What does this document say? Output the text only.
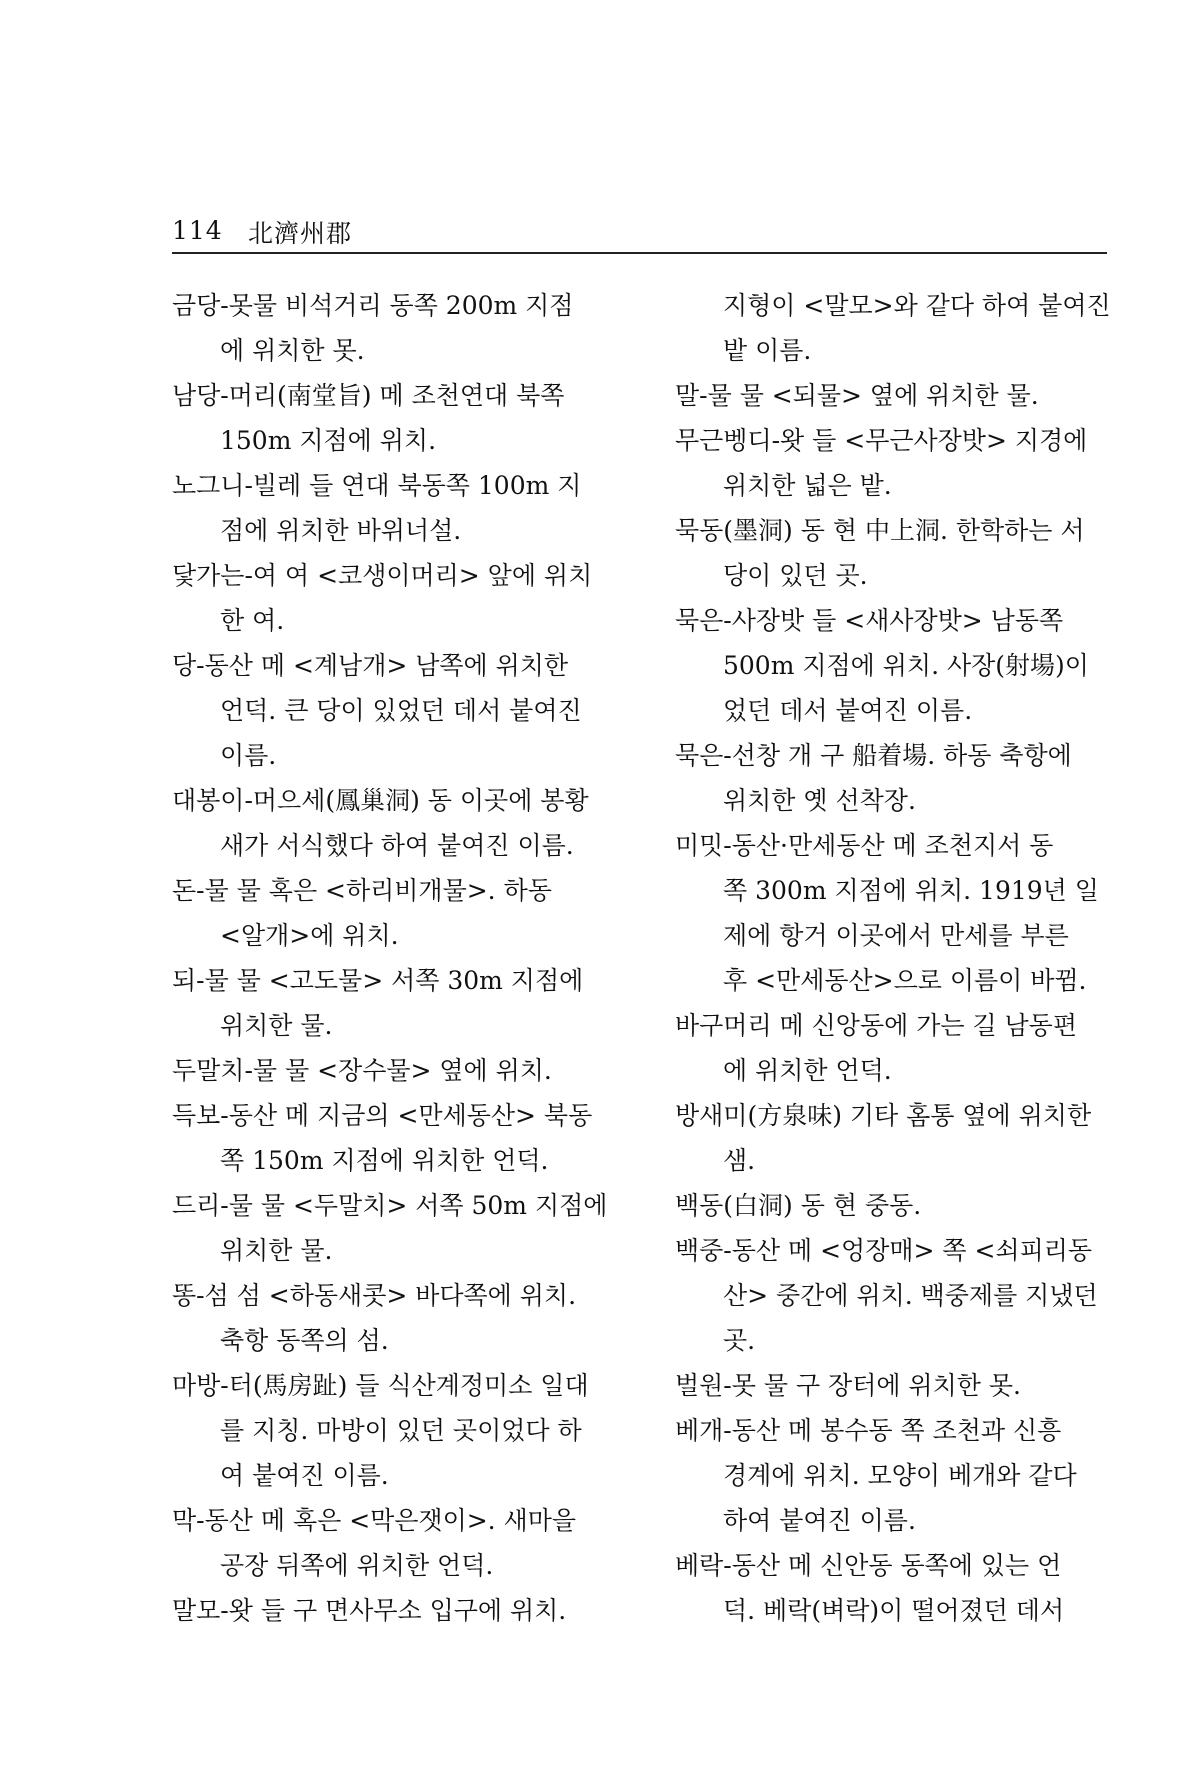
114 北濟州郡
금당-못물 비석거리 동쪽 200m 지점
에 위치한 못.
남당-머리(南堂旨) 메 조천연대 북쪽
150m 지점에 위치.
노그니-빌레 들 연대 북동쪽 100m 지
점에 위치한 바위너설.
닻가는-여 여 <코생이머리> 앞에 위치
한 여.
당-동산 메 <계남개> 남쪽에 위치한
언덕. 큰 당이 있었던 데서 붙여진
이름.
대봉이-머으세(鳳巢洞) 동 이곳에 봉황
새가 서식했다 하여 붙여진 이름.
돈-물 물 혹은 <하리비개물>. 하동
<알개>에 위치.
되-물 물 <고도물> 서쪽 30m 지점에
위치한 물.
두말치-물 물 <장수물> 옆에 위치.
득보-동산 메 지금의 <만세동산> 북동
쪽 150m 지점에 위치한 언덕.
드리-물 물 <두말치> 서쪽 50m 지점에
위치한 물.
똥-섬 섬 <하동새콧> 바다쪽에 위치.
축항 동쪽의 섬.
마방-터(馬房趾) 들 식산계정미소 일대
를 지칭. 마방이 있던 곳이었다 하
여 붙여진 이름.
막-동산 메 혹은 <막은잿이>. 새마을
공장 뒤쪽에 위치한 언덕.
말모-왓 들 구 면사무소 입구에 위치.
지형이 <말모>와 같다 하여 붙여진
밭 이름.
말-물 물 <되물> 옆에 위치한 물.
무근벵디-왓 들 <무근사장밧> 지경에
위치한 넓은 밭.
묵동(墨洞) 동 현 中上洞. 한학하는 서
당이 있던 곳.
묵은-사장밧 들 <새사장밧> 남동쪽
500m 지점에 위치. 사장(射場)이
었던 데서 붙여진 이름.
묵은-선창 개 구 船着場. 하동 축항에
위치한 옛 선착장.
미밋-동산·만세동산 메 조천지서 동
쪽 300m 지점에 위치. 1919년 일
제에 항거 이곳에서 만세를 부른
후 <만세동산>으로 이름이 바뀜.
바구머리 메 신앙동에 가는 길 남동편
에 위치한 언덕.
방새미(方泉味) 기타 홈통 옆에 위치한
샘.
백동(白洞) 동 현 중동.
백중-동산 메 <엉장매> 쪽 <쇠피리동
산> 중간에 위치. 백중제를 지냈던
곳.
벌원-못 물 구 장터에 위치한 못.
베개-동산 메 봉수동 쪽 조천과 신흥
경계에 위치. 모양이 베개와 같다
하여 붙여진 이름.
베락-동산 메 신안동 동쪽에 있는 언
덕. 베락(벼락)이 떨어졌던 데서
